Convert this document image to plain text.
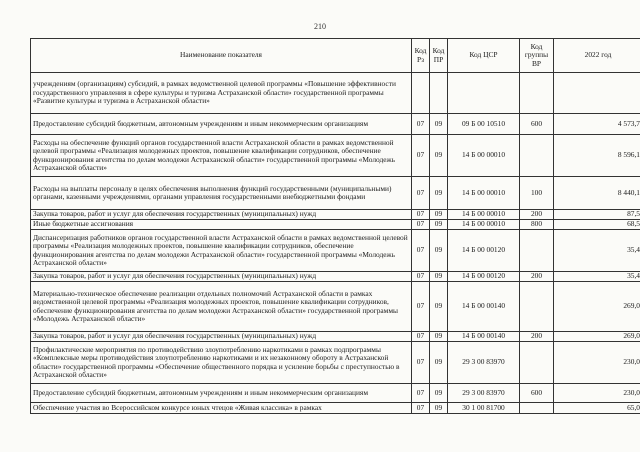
210
Наименование показателя	Код Рз	Код ПР	Код ЦСР	Код группы ВР	2022 год
учреждениям (организациям) субсидий, в рамках ведомственной целевой программы «Повышение эффективности государственного управления в сфере культуры и туризма Астраханской области» государственной программы «Развитие культуры и туризма в Астраханской области»					
Предоставление субсидий бюджетным, автономным учреждениям и иным некоммерческим организациям	07	09	09 Б 00 10510	600	4 573,7
Расходы на обеспечение функций органов государственной власти Астраханской области в рамках ведомственной целевой программы «Реализация молодежных проектов, повышение квалификации сотрудников, обеспечение функционирования агентства по делам молодежи Астраханской области» государственной программы «Молодежь Астраханской области»	07	09	14 Б 00 00010		8 596,1
Расходы на выплаты персоналу в целях обеспечения выполнения функций государственными (муниципальными) органами, казенными учреждениями, органами управления государственными внебюджетными фондами	07	09	14 Б 00 00010	100	8 440,1
Закупка товаров, работ и услуг для обеспечения государственных (муниципальных) нужд	07	09	14 Б 00 00010	200	87,5
Иные бюджетные ассигнования	07	09	14 Б 00 00010	800	68,5
Диспансеризация работников органов государственной власти Астраханской области в рамках ведомственной целевой программы «Реализация молодежных проектов, повышение квалификации сотрудников, обеспечение функционирования агентства по делам молодежи Астраханской области» государственной программы «Молодежь Астраханской области»	07	09	14 Б 00 00120		35,4
Закупка товаров, работ и услуг для обеспечения государственных (муниципальных) нужд	07	09	14 Б 00 00120	200	35,4
Материально-техническое обеспечение реализации отдельных полномочий Астраханской области в рамках ведомственной целевой программы «Реализация молодежных проектов, повышение квалификации сотрудников, обеспечение функционирования агентства по делам молодежи Астраханской области» государственной программы «Молодежь Астраханской области»	07	09	14 Б 00 00140		269,0
Закупка товаров, работ и услуг для обеспечения государственных (муниципальных) нужд	07	09	14 Б 00 00140	200	269,0
Профилактические мероприятия по противодействию злоупотреблению наркотиками в рамках подпрограммы «Комплексные меры противодействия злоупотреблению наркотиками и их незаконному обороту в Астраханской области» государственной программы «Обеспечение общественного порядка и усиление борьбы с преступностью в Астраханской области»	07	09	29 3 00 83970		230,0
Предоставление субсидий бюджетным, автономным учреждениям и иным некоммерческим организациям	07	09	29 3 00 83970	600	230,0
Обеспечение участия во Всероссийском конкурсе юных чтецов «Живая классика» в рамках	07	09	30 1 00 81700		65,0
